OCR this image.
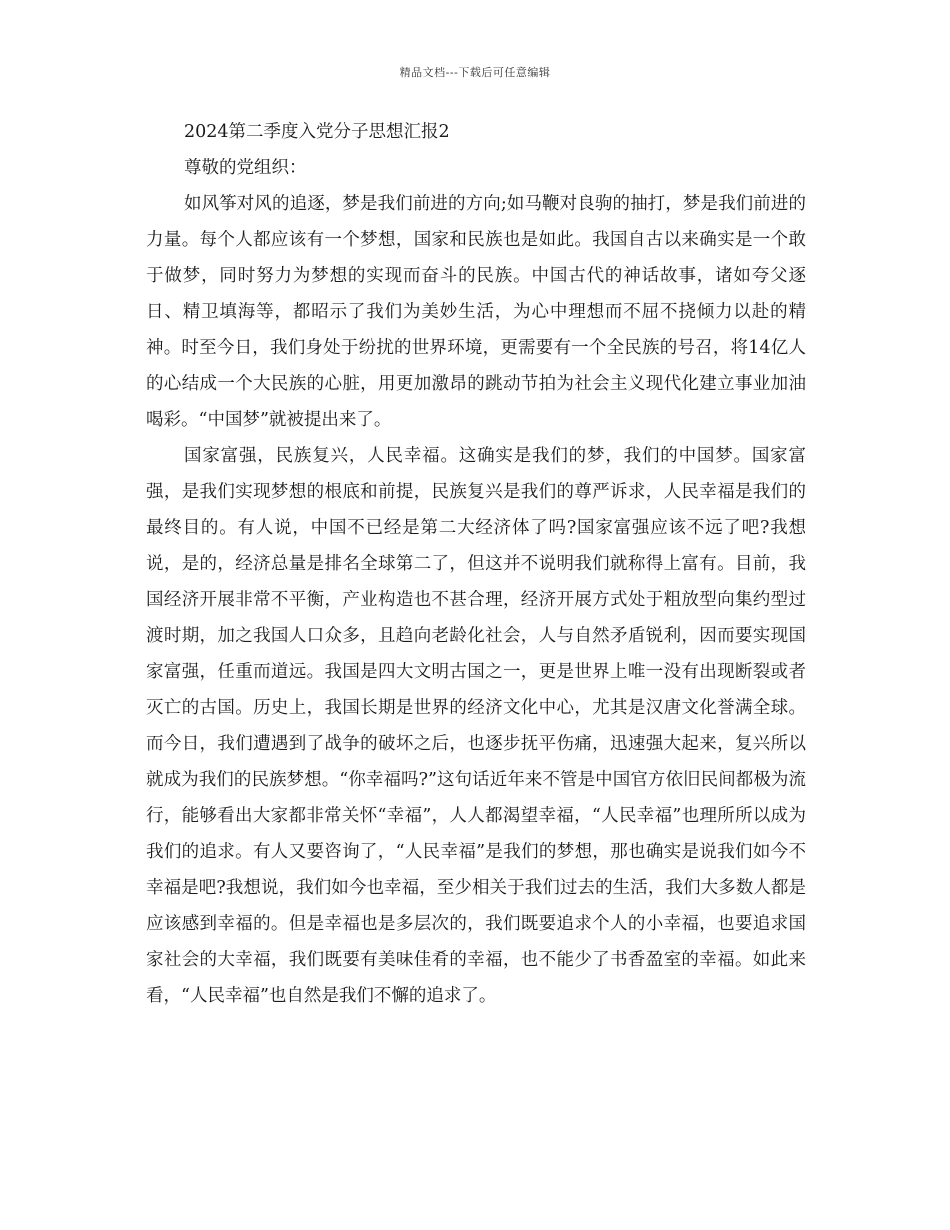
精品文档---下载后可任意编辑

2024第二季度入党分子思想汇报2

尊敬的党组织：

如风筝对风的追逐，梦是我们前进的方向;如马鞭对良驹的抽打，梦是我们前进的力量。每个人都应该有一个梦想，国家和民族也是如此。我国自古以来确实是一个敢于做梦，同时努力为梦想的实现而奋斗的民族。中国古代的神话故事，诸如夸父逐日、精卫填海等，都昭示了我们为美妙生活，为心中理想而不屈不挠倾力以赴的精神。时至今日，我们身处于纷扰的世界环境，更需要有一个全民族的号召，将14亿人的心结成一个大民族的心脏，用更加激昂的跳动节拍为社会主义现代化建立事业加油喝彩。“中国梦”就被提出来了。

国家富强，民族复兴，人民幸福。这确实是我们的梦，我们的中国梦。国家富强，是我们实现梦想的根底和前提，民族复兴是我们的尊严诉求，人民幸福是我们的最终目的。有人说，中国不已经是第二大经济体了吗?国家富强应该不远了吧?我想说，是的，经济总量是排名全球第二了，但这并不说明我们就称得上富有。目前，我国经济开展非常不平衡，产业构造也不甚合理，经济开展方式处于粗放型向集约型过渡时期，加之我国人口众多，且趋向老龄化社会，人与自然矛盾锐利，因而要实现国家富强，任重而道远。我国是四大文明古国之一，更是世界上唯一没有出现断裂或者灭亡的古国。历史上，我国长期是世界的经济文化中心，尤其是汉唐文化誉满全球。而今日，我们遭遇到了战争的破坏之后，也逐步抚平伤痛，迅速强大起来，复兴所以就成为我们的民族梦想。“你幸福吗?”这句话近年来不管是中国官方依旧民间都极为流行，能够看出大家都非常关怀“幸福”，人人都渴望幸福，“人民幸福”也理所所以成为我们的追求。有人又要咨询了，“人民幸福”是我们的梦想，那也确实是说我们如今不幸福是吧?我想说，我们如今也幸福，至少相关于我们过去的生活，我们大多数人都是应该感到幸福的。但是幸福也是多层次的，我们既要追求个人的小幸福，也要追求国家社会的大幸福，我们既要有美味佳肴的幸福，也不能少了书香盈室的幸福。如此来看，“人民幸福”也自然是我们不懈的追求了。
